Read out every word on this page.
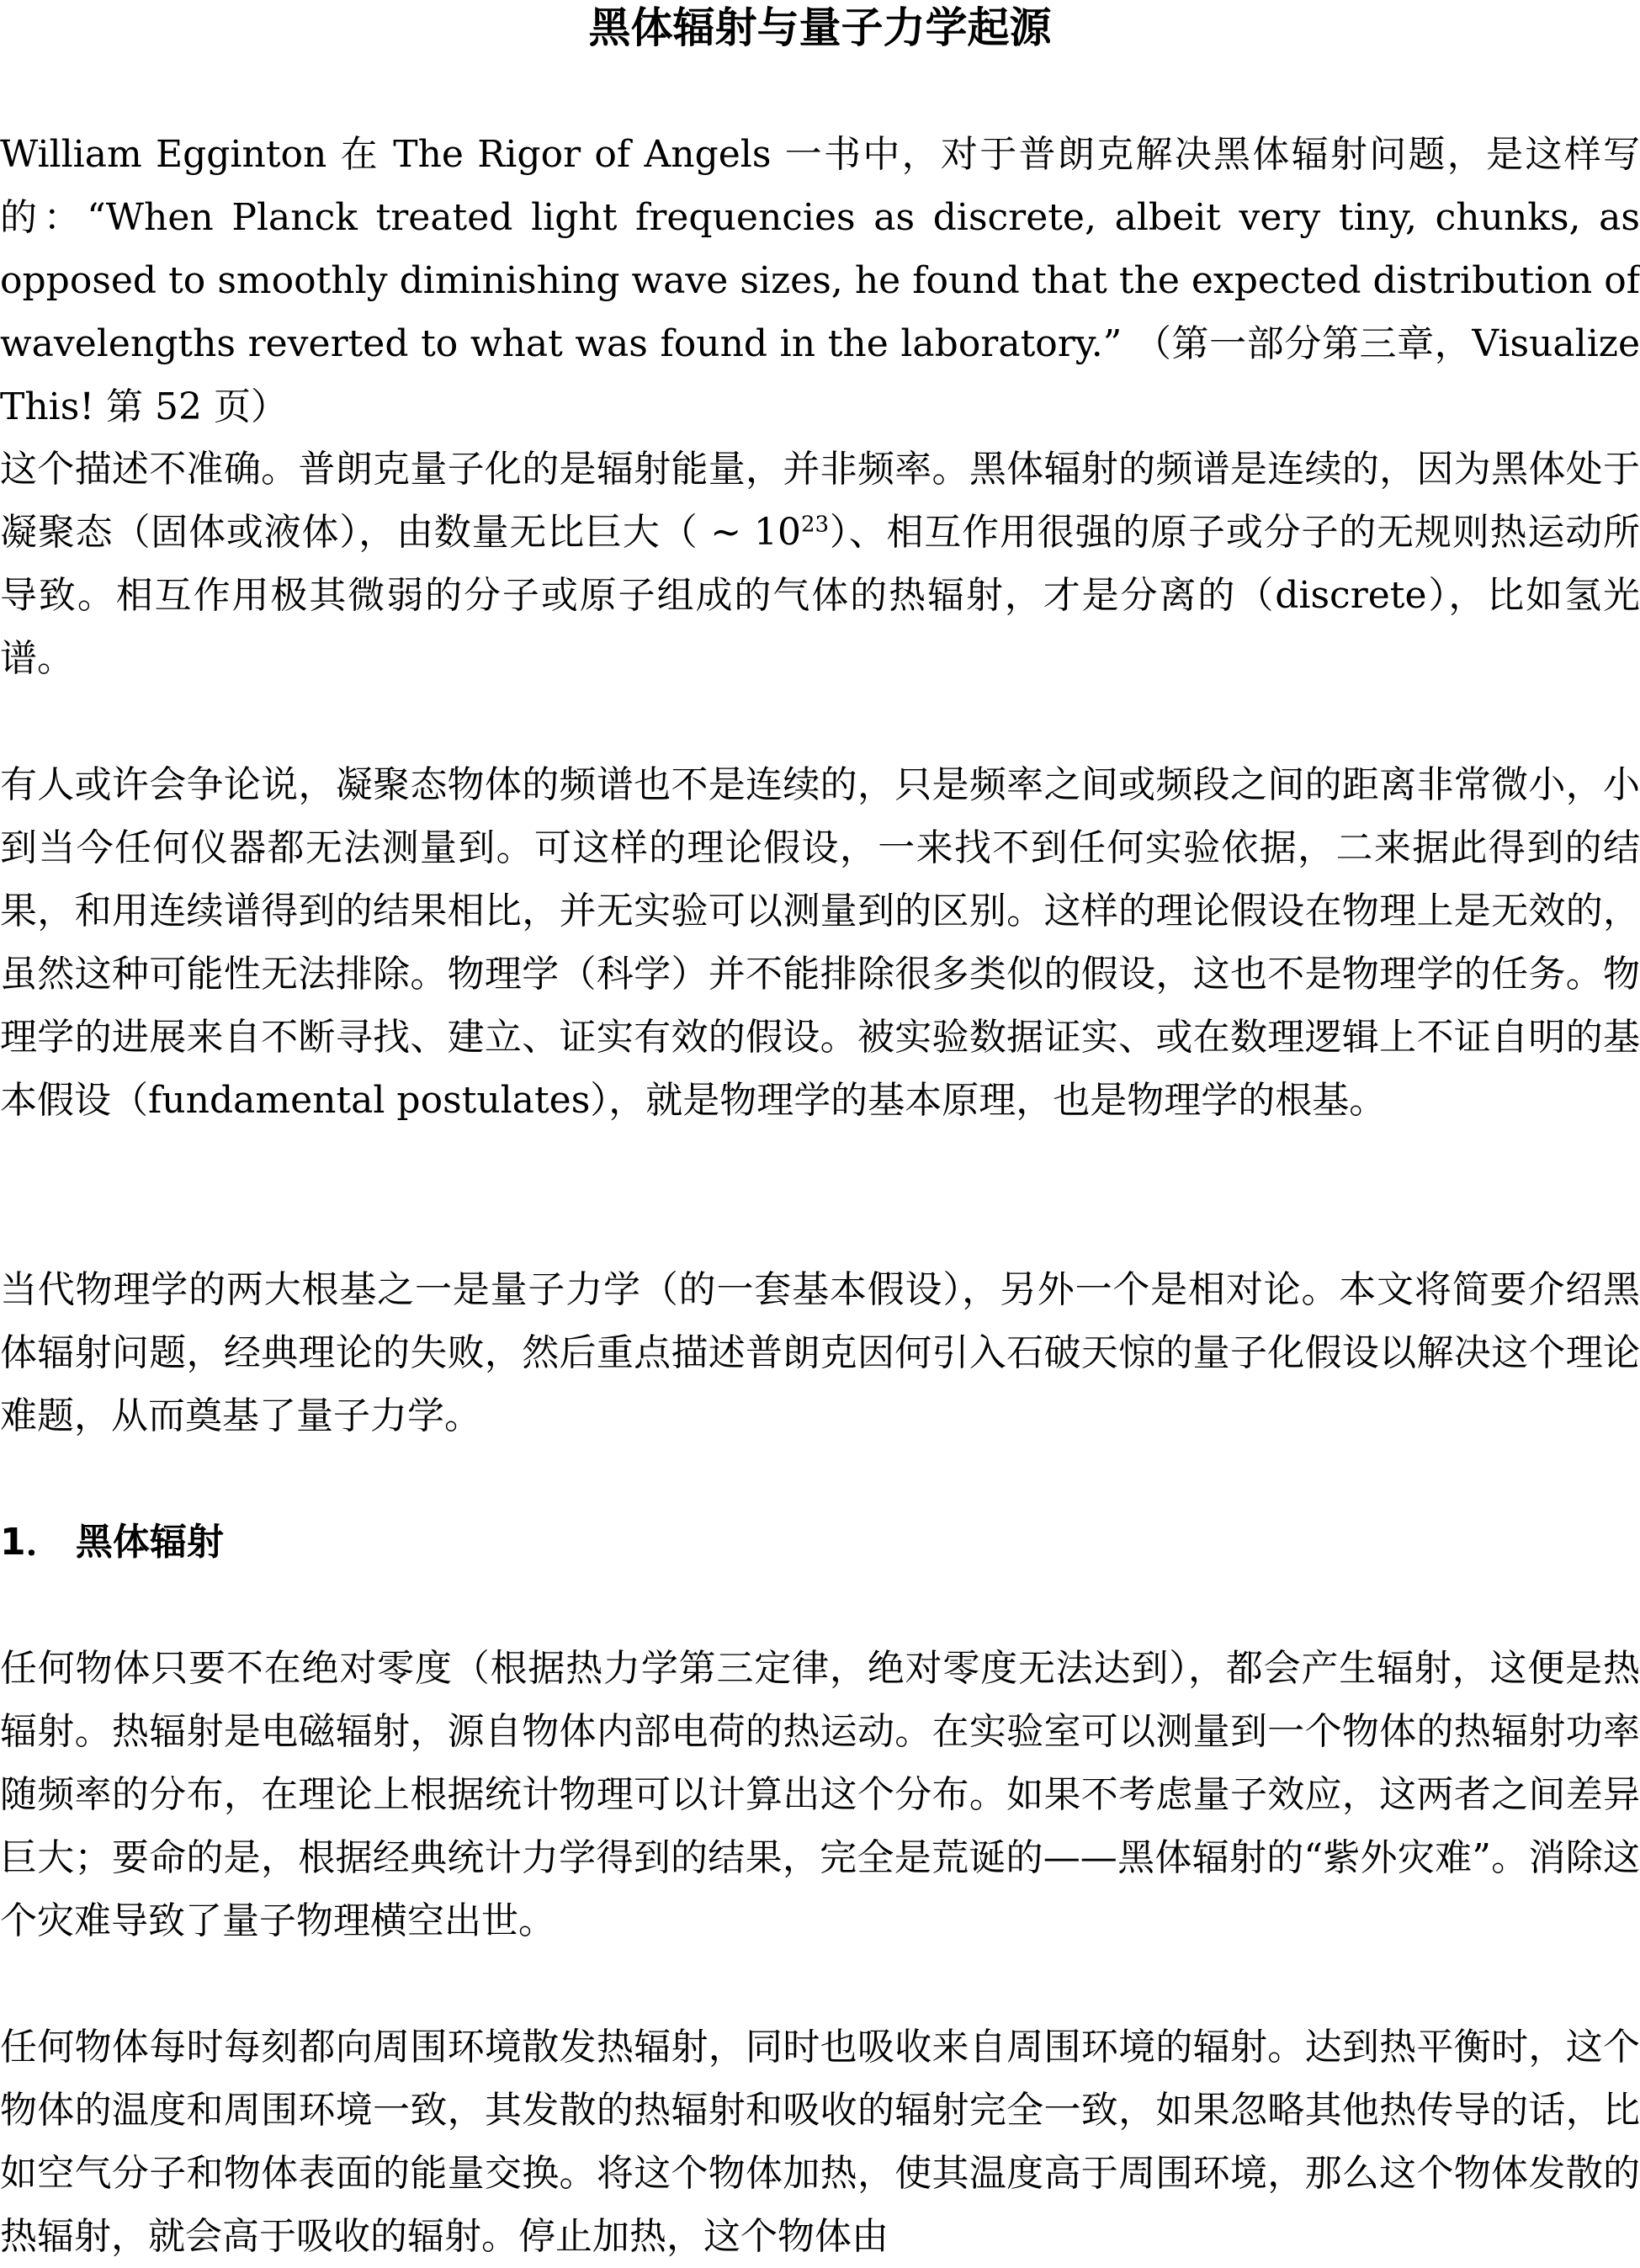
黑体辐射与量子力学起源

William Egginton 在 The Rigor of Angels 一书中，对于普朗克解决黑体辐射问题，是这样写的：“When Planck treated light frequencies as discrete, albeit very tiny, chunks, as opposed to smoothly diminishing wave sizes, he found that the expected distribution of wavelengths reverted to what was found in the laboratory.” （第一部分第三章，Visualize This! 第 52 页）

这个描述不准确。普朗克量子化的是辐射能量，并非频率。黑体辐射的频谱是连续的，因为黑体处于凝聚态（固体或液体），由数量无比巨大（ ~ $10^{23}$）、相互作用很强的原子或分子的无规则热运动所导致。相互作用极其微弱的分子或原子组成的气体的热辐射，才是分离的（discrete），比如氢光谱。

有人或许会争论说，凝聚态物体的频谱也不是连续的，只是频率之间或频段之间的距离非常微小，小到当今任何仪器都无法测量到。可这样的理论假设，一来找不到任何实验依据，二来据此得到的结果，和用连续谱得到的结果相比，并无实验可以测量到的区别。这样的理论假设在物理上是无效的，虽然这种可能性无法排除。物理学（科学）并不能排除很多类似的假设，这也不是物理学的任务。物理学的进展来自不断寻找、建立、证实有效的假设。被实验数据证实、或在数理逻辑上不证自明的基本假设（fundamental postulates），就是物理学的基本原理，也是物理学的根基。

当代物理学的两大根基之一是量子力学（的一套基本假设），另外一个是相对论。本文将简要介绍黑体辐射问题，经典理论的失败，然后重点描述普朗克因何引入石破天惊的量子化假设以解决这个理论难题，从而奠基了量子力学。

1． 黑体辐射

任何物体只要不在绝对零度（根据热力学第三定律，绝对零度无法达到），都会产生辐射，这便是热辐射。热辐射是电磁辐射，源自物体内部电荷的热运动。在实验室可以测量到一个物体的热辐射功率随频率的分布，在理论上根据统计物理可以计算出这个分布。如果不考虑量子效应，这两者之间差异巨大；要命的是，根据经典统计力学得到的结果，完全是荒诞的——黑体辐射的“紫外灾难”。消除这个灾难导致了量子物理横空出世。

任何物体每时每刻都向周围环境散发热辐射，同时也吸收来自周围环境的辐射。达到热平衡时，这个物体的温度和周围环境一致，其发散的热辐射和吸收的辐射完全一致，如果忽略其他热传导的话，比如空气分子和物体表面的能量交换。将这个物体加热，使其温度高于周围环境，那么这个物体发散的热辐射，就会高于吸收的辐射。停止加热，这个物体由
